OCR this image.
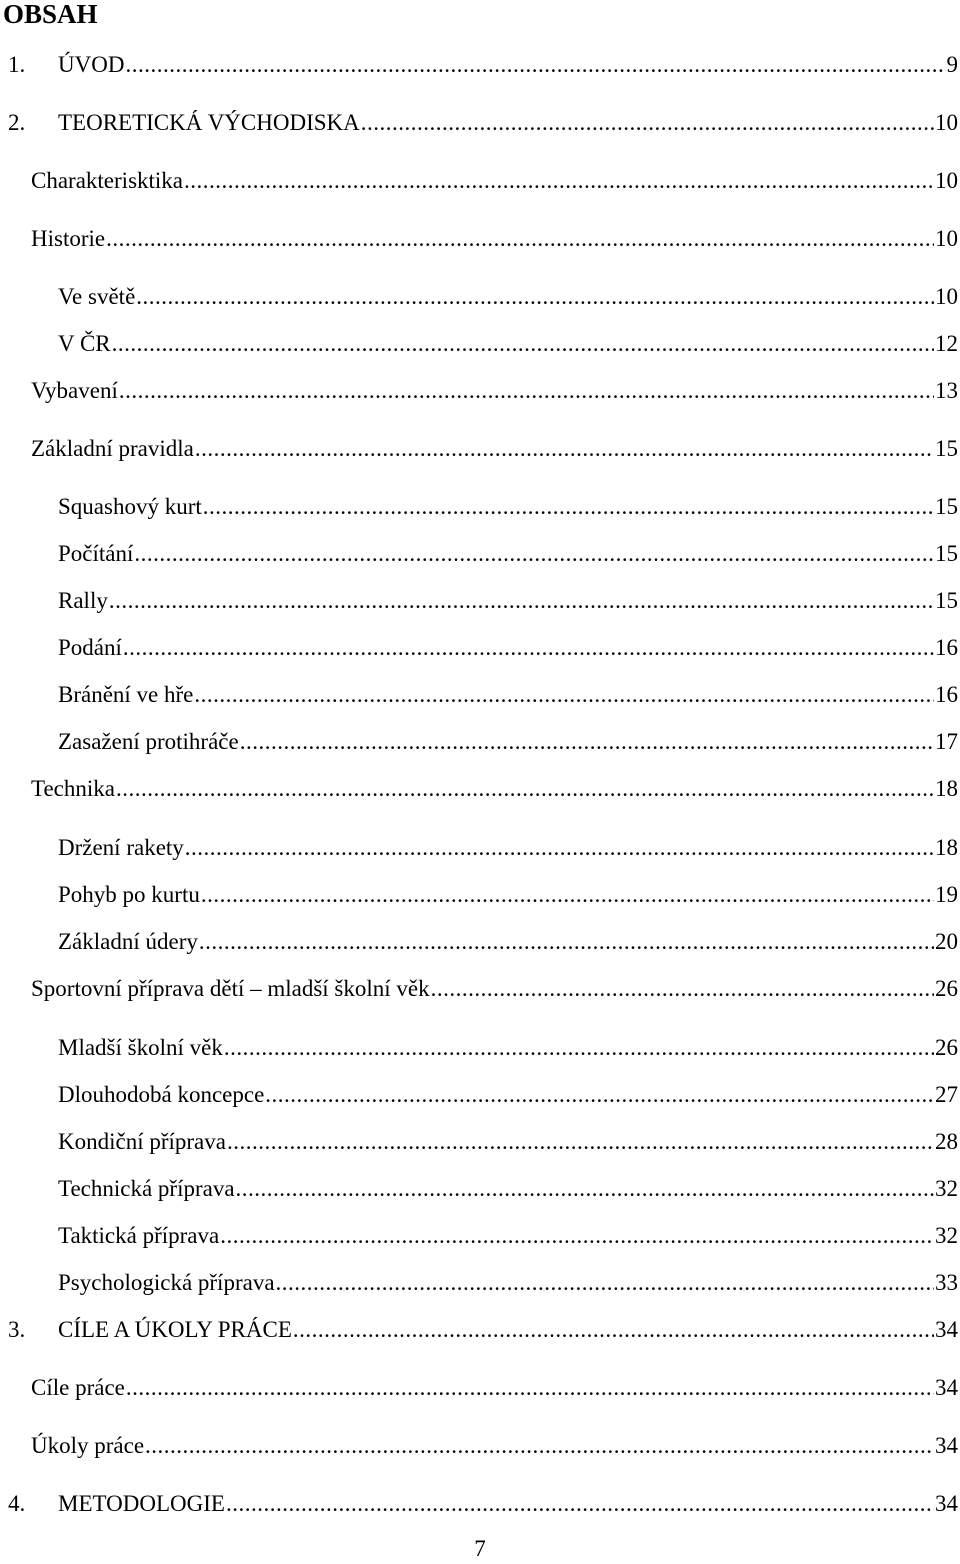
OBSAH
1.	ÚVOD .....	9
2.	TEORETICKÁ VÝCHODISKA .....	10
Charakterisktika .....	10
Historie .....	10
Ve světě .....	10
V ČR .....	12
Vybavení .....	13
Základní pravidla .....	15
Squashový kurt .....	15
Počítání .....	15
Rally .....	15
Podání .....	16
Bránění ve hře .....	16
Zasažení protihráče .....	17
Technika .....	18
Držení rakety .....	18
Pohyb po kurtu .....	19
Základní údery .....	20
Sportovní příprava dětí – mladší školní věk .....	26
Mladší školní věk .....	26
Dlouhodobá koncepce .....	27
Kondiční příprava .....	28
Technická příprava .....	32
Taktická příprava .....	32
Psychologická příprava .....	33
3.	CÍLE A ÚKOLY PRÁCE .....	34
Cíle práce .....	34
Úkoly práce .....	34
4.	METODOLOGIE .....	34
7
